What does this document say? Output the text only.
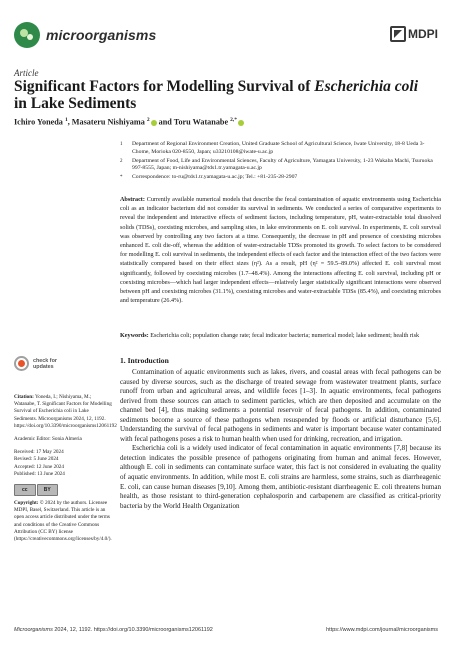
microorganisms	MDPI
Article
Significant Factors for Modelling Survival of Escherichia coli in Lake Sediments
Ichiro Yoneda $^1$, Masateru Nishiyama $^2$ and Toru Watanabe $^{2,*}$
1 Department of Regional Environment Creation, United Graduate School of Agricultural Science, Iwate University, 18-8 Ueda 3-Chome, Morioka 020-8550, Japan; u33210108@iwate-u.ac.jp
2 Department of Food, Life and Environmental Sciences, Faculty of Agriculture, Yamagata University, 1-23 Wakaba Machi, Tsuruoka 997-8555, Japan; m-nishiyama@tds1.tr.yamagata-u.ac.jp
* Correspondence: to-ru@tds1.tr.yamagata-u.ac.jp; Tel.: +81-235-28-2907
Abstract: Currently available numerical models that describe the fecal contamination of aquatic environments using Escherichia coli as an indicator bacterium did not consider its survival in sediments. We conducted a series of comparative experiments to reveal the independent and interactive effects of sediment factors, including temperature, pH, water-extractable total dissolved solids (TDSs), coexisting microbes, and sampling sites, in lake environments on E. coli survival. In experiments, E. coli survival was observed by controlling any two factors at a time. Consequently, the decrease in pH and presence of coexisting microbes enhanced E. coli die-off, whereas the addition of water-extractable TDSs promoted its growth. To select factors to be considered for modelling E. coli survival in sediments, the independent effects of each factor and the interaction effect of the two factors were statistically compared based on their effect sizes (η²). As a result, pH (η² = 59.5–89.0%) affected E. coli survival most significantly, followed by coexisting microbes (1.7–48.4%). Among the interactions affecting E. coli survival, including pH or coexisting microbes—which had larger independent effects—relatively larger statistically significant interactions were observed between pH and coexisting microbes (31.1%), coexisting microbes and water-extractable TDSs (85.4%), and coexisting microbes and temperature (26.4%).
Keywords: Escherichia coli; population change rate; fecal indicator bacteria; numerical model; lake sediment; health risk
check for
updates

Citation: Yoneda, I.; Nishiyama, M.; Watanabe, T. Significant Factors for Modelling Survival of Escherichia coli in Lake Sediments. Microorganisms 2024, 12, 1192. https://doi.org/10.3390/microorganisms12061192

Academic Editor: Sonia Almeria

Received: 17 May 2024
Revised: 5 June 2024
Accepted: 12 June 2024
Published: 13 June 2024

cc	BY

Copyright: © 2024 by the authors. Licensee MDPI, Basel, Switzerland. This article is an open access article distributed under the terms and conditions of the Creative Commons Attribution (CC BY) license (https://creativecommons.org/licenses/by/4.0/).

1. Introduction

Contamination of aquatic environments such as lakes, rivers, and coastal areas with fecal pathogens can be caused by diverse sources, such as the discharge of treated sewage from wastewater treatment plants, surface runoff from urban and agricultural areas, and wildlife feces [1–3]. In aquatic environments, fecal pathogens derived from these sources can attach to sediment particles, which are then deposited and accumulate on the channel bed [4], thus making sediments a potential reservoir of fecal pathogens. In addition, contaminated sediments become a source of these pathogens when resuspended by floods or artificial disturbance [5,6]. Understanding the survival of fecal pathogens in sediments and water is important because water contaminated with fecal pathogens poses a risk to human health when used for drinking, recreation, and irrigation.

Escherichia coli is a widely used indicator of fecal contamination in aquatic environments [7,8] because its detection indicates the possible presence of pathogens originating from human and animal feces. However, although E. coli in sediments can contaminate surface water, this fact is not considered in evaluating the quality of aquatic environments. In addition, while most E. coli strains are harmless, some strains, such as diarrheagenic E. coli, can cause human diseases [9,10]. Among them, antibiotic-resistant diarrheagenic E. coli threatens human health, as those resistant to third-generation cephalosporin and carbapenem are classified as critical-priority bacteria by the World Health Organization

Microorganisms 2024, 12, 1192. https://doi.org/10.3390/microorganisms12061192	https://www.mdpi.com/journal/microorganisms
